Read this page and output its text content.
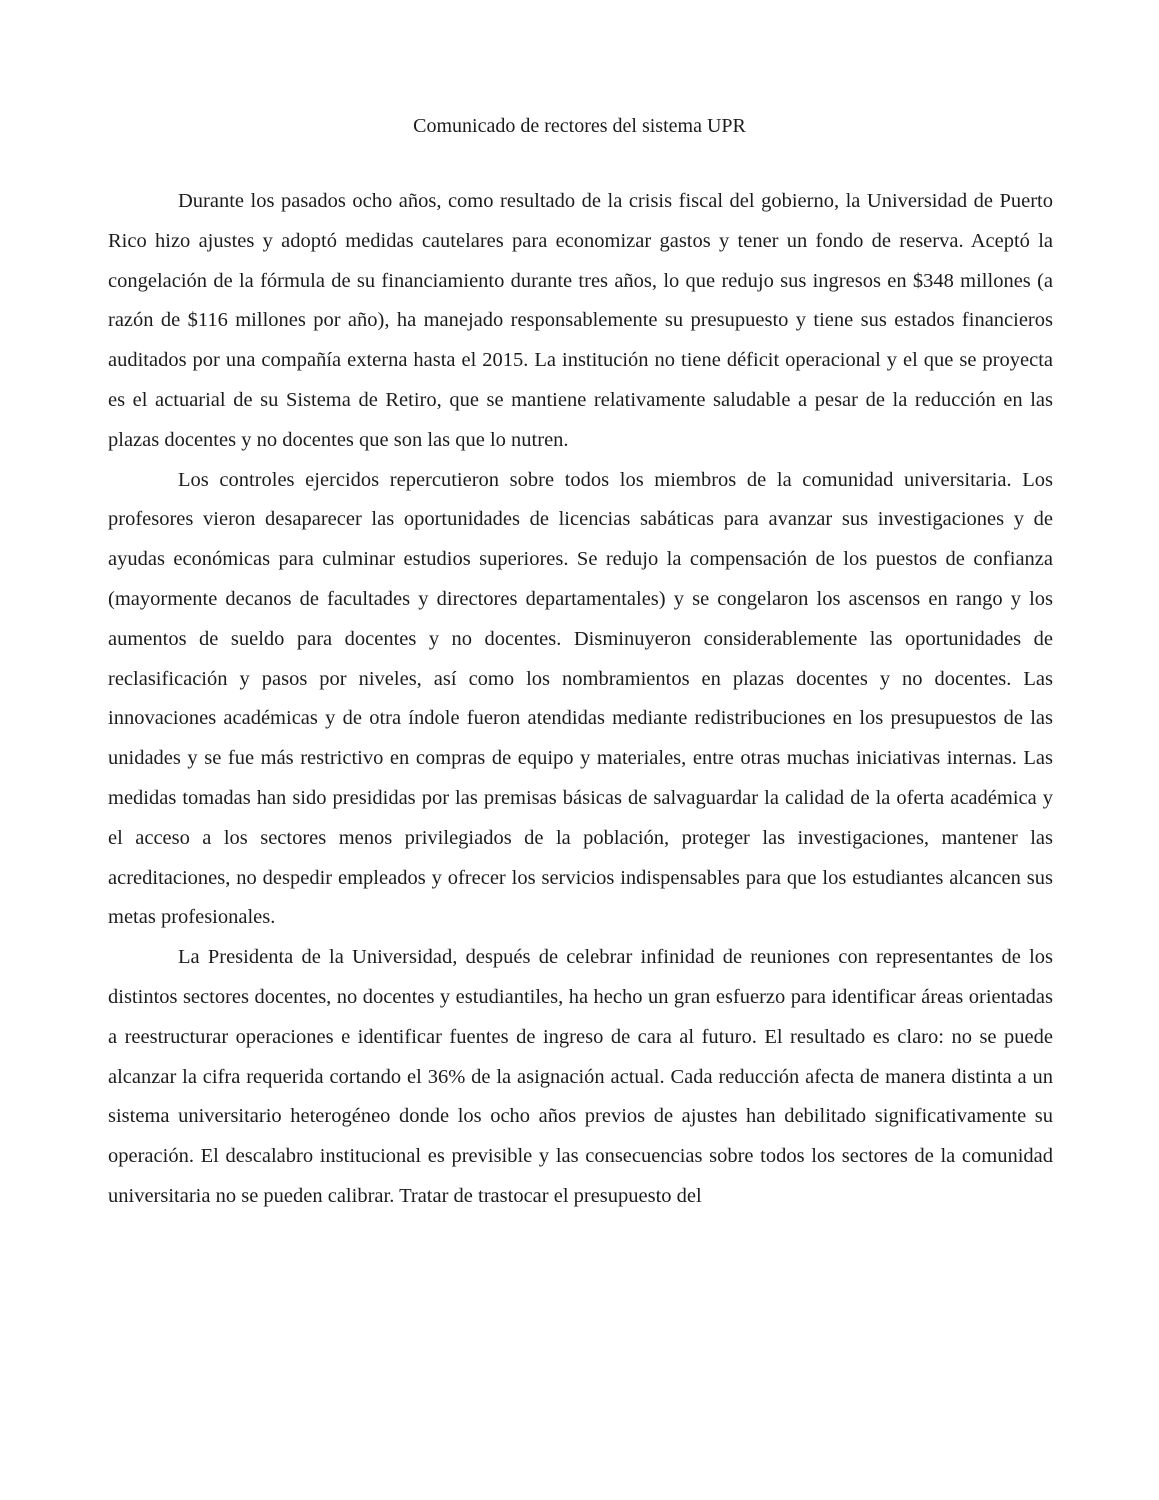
Comunicado de rectores del sistema UPR

Durante los pasados ocho años, como resultado de la crisis fiscal del gobierno, la Universidad de Puerto Rico hizo ajustes y adoptó medidas cautelares para economizar gastos y tener un fondo de reserva. Aceptó la congelación de la fórmula de su financiamiento durante tres años, lo que redujo sus ingresos en $348 millones (a razón de $116 millones por año), ha manejado responsablemente su presupuesto y tiene sus estados financieros auditados por una compañía externa hasta el 2015. La institución no tiene déficit operacional y el que se proyecta es el actuarial de su Sistema de Retiro, que se mantiene relativamente saludable a pesar de la reducción en las plazas docentes y no docentes que son las que lo nutren.

Los controles ejercidos repercutieron sobre todos los miembros de la comunidad universitaria. Los profesores vieron desaparecer las oportunidades de licencias sabáticas para avanzar sus investigaciones y de ayudas económicas para culminar estudios superiores. Se redujo la compensación de los puestos de confianza (mayormente decanos de facultades y directores departamentales) y se congelaron los ascensos en rango y los aumentos de sueldo para docentes y no docentes. Disminuyeron considerablemente las oportunidades de reclasificación y pasos por niveles, así como los nombramientos en plazas docentes y no docentes. Las innovaciones académicas y de otra índole fueron atendidas mediante redistribuciones en los presupuestos de las unidades y se fue más restrictivo en compras de equipo y materiales, entre otras muchas iniciativas internas. Las medidas tomadas han sido presididas por las premisas básicas de salvaguardar la calidad de la oferta académica y el acceso a los sectores menos privilegiados de la población, proteger las investigaciones, mantener las acreditaciones, no despedir empleados y ofrecer los servicios indispensables para que los estudiantes alcancen sus metas profesionales.

La Presidenta de la Universidad, después de celebrar infinidad de reuniones con representantes de los distintos sectores docentes, no docentes y estudiantiles, ha hecho un gran esfuerzo para identificar áreas orientadas a reestructurar operaciones e identificar fuentes de ingreso de cara al futuro. El resultado es claro: no se puede alcanzar la cifra requerida cortando el 36% de la asignación actual. Cada reducción afecta de manera distinta a un sistema universitario heterogéneo donde los ocho años previos de ajustes han debilitado significativamente su operación. El descalabro institucional es previsible y las consecuencias sobre todos los sectores de la comunidad universitaria no se pueden calibrar. Tratar de trastocar el presupuesto del
